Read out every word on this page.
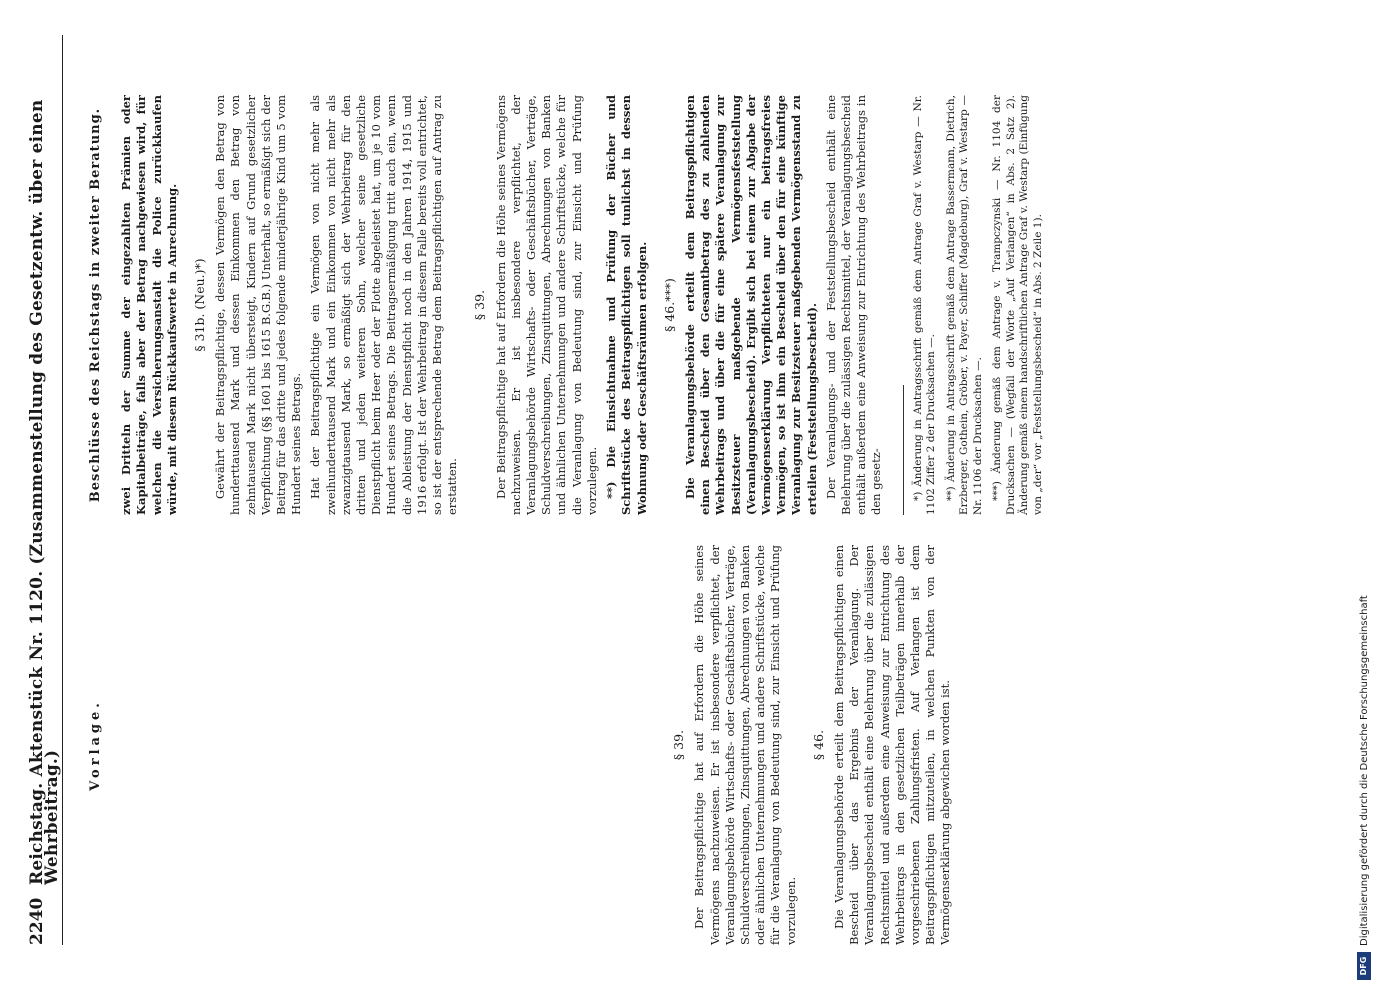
2240
Reichstag. Aktenstück Nr. 1120. (Zusammenstellung des Gesetzentw. über einen Wehrbeitrag.)
Vorlage.	§ 39. Der Beitragspflichtige hat auf Erfordern die Höhe seines Vermögens nachzuweisen. Er ist insbesondere verpflichtet, der Veranlagungsbehörde Wirtschafts- oder Geschäftsbücher, Verträge, Schuldverschreibungen, Zinsquittungen, Abrechnungen von Banken oder ähnlichen Unternehmungen und andere Schriftstücke, welche für die Veranlagung von Bedeutung sind, zur Einsicht und Prüfung vorzulegen.

§ 46. Die Veranlagungsbehörde erteilt dem Beitragspflichtigen einen Bescheid über das Ergebnis der Veranlagung. Der Veranlagungsbescheid enthält eine Belehrung über die zulässigen Rechtsmittel und außerdem eine Anweisung zur Entrichtung des Wehrbeitrags in den gesetzlichen Teilbeträgen innerhalb der vorgeschriebenen Zahlungsfristen. Auf Verlangen ist dem Beitragspflichtigen mitzuteilen, in welchen Punkten von der Vermögenserklärung abgewichen worden ist.

Beschlüsse des Reichstags in zweiter Beratung. zwei Dritteln der Summe der eingezahlten Prämien oder Kapitalbeiträge, falls aber der Betrag nachgewiesen wird, für welchen die Versicherungsanstalt die Police zurückkaufen würde, mit diesem Rückkaufswerte in Anrechnung. § 31b. (Neu.)*) Gewährt der Beitragspflichtige, dessen Vermögen den Betrag von hunderttausend Mark und dessen Einkommen den Betrag von zehntausend Mark nicht übersteigt, Kindern auf Grund gesetzlicher Verpflichtung (§§ 1601 bis 1615 B.G.B.) Unterhalt, so ermäßigt sich der Beitrag für das dritte und jedes folgende minderjährige Kind um 5 vom Hundert seines Betrags. Hat der Beitragspflichtige ein Vermögen von nicht mehr als zweihunderttausend Mark und ein Einkommen von nicht mehr als zwanzigtausend Mark, so ermäßigt sich der Wehrbeitrag für den dritten und jeden weiteren Sohn, welcher seine gesetzliche Dienstpflicht beim Heer oder der Flotte abgeleistet hat, um je 10 vom Hundert seines Betrags. Die Beitragsermäßigung tritt auch ein, wenn die Ableistung der Dienstpflicht noch in den Jahren 1914, 1915 und 1916 erfolgt. Ist der Wehrbeitrag in diesem Falle bereits voll entrichtet, so ist der entsprechende Betrag dem Beitragspflichtigen auf Antrag zu erstatten.

§ 39. Der Beitragspflichtige hat auf Erfordern die Höhe seines Vermögens nachzuweisen. Er ist insbesondere verpflichtet, der Veranlagungsbehörde Wirtschafts- oder Geschäftsbücher, Verträge, Schuldverschreibungen, Zinsquittungen, Abrechnungen von Banken und ähnlichen Unternehmungen und andere Schriftstücke, welche für die Veranlagung von Bedeutung sind, zur Einsicht und Prüfung vorzulegen. **) Die Einsichtnahme und Prüfung der Bücher und Schriftstücke des Beitragspflichtigen soll tunlichst in dessen Wohnung oder Geschäftsräumen erfolgen. § 46.***) Die Veranlagungsbehörde erteilt dem Beitragspflichtigen einen Bescheid über den Gesamtbetrag des zu zahlenden Wehrbeitrags und über die für eine spätere Veranlagung zur Besitzsteuer maßgebende Vermögensfeststellung (Veranlagungsbescheid). Ergibt sich bei einem zur Abgabe der Vermögenserklärung Verpflichteten nur ein beitragsfreies Vermögen, so ist ihm ein Bescheid über den für eine künftige Veranlagung zur Besitzsteuer maßgebenden Vermögensstand zu erteilen (Feststellungsbescheid). Der Veranlagungs- und der Feststellungsbescheid enthält eine Belehrung über die zulässigen Rechtsmittel, der Veranlagungsbescheid enthält außerdem eine Anweisung zur Entrichtung des Wehrbeitrags in den gesetz-	*) Änderung in Antragsschrift gemäß dem Antrage Graf v. Westarp — Nr. 1102 Ziffer 2 der Drucksachen —. **) Änderung in Antragsschrift gemäß dem Antrage Bassermann, Dietrich, Erzberger, Gothein, Gröber, v. Payer, Schiffer (Magdeburg), Graf v. Westarp — Nr. 1106 der Drucksachen —. ***) Änderung gemäß dem Antrage v. Trampczynski — Nr. 1104 der Drucksachen — (Wegfall der Worte „Auf Verlangen“ in Abs. 2 Satz 2). Änderung gemäß einem handschriftlichen Antrage Graf v. Westarp (Einfügung von „der“ vor „Feststellungsbescheid“ in Abs. 2 Zeile 1).
DFGDigitalisierung gefördert durch die Deutsche Forschungsgemeinschaft
